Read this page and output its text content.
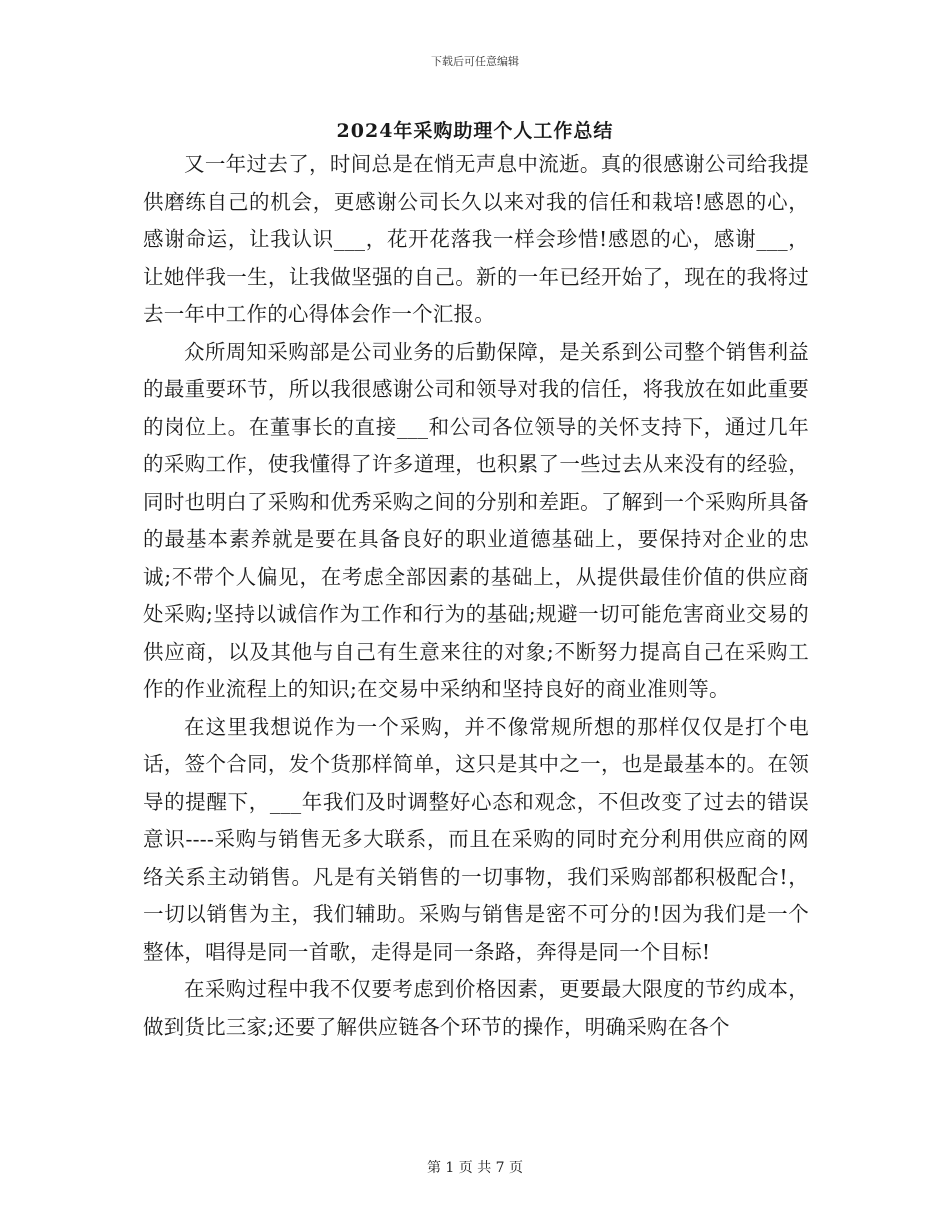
下载后可任意编辑
2024年采购助理个人工作总结

又一年过去了，时间总是在悄无声息中流逝。真的很感谢公司给我提供磨练自己的机会，更感谢公司长久以来对我的信任和栽培!感恩的心，感谢命运，让我认识___，花开花落我一样会珍惜!感恩的心，感谢___，让她伴我一生，让我做坚强的自己。新的一年已经开始了，现在的我将过去一年中工作的心得体会作一个汇报。

众所周知采购部是公司业务的后勤保障，是关系到公司整个销售利益的最重要环节，所以我很感谢公司和领导对我的信任，将我放在如此重要的岗位上。在董事长的直接___和公司各位领导的关怀支持下，通过几年的采购工作，使我懂得了许多道理，也积累了一些过去从来没有的经验，同时也明白了采购和优秀采购之间的分别和差距。了解到一个采购所具备的最基本素养就是要在具备良好的职业道德基础上，要保持对企业的忠诚;不带个人偏见，在考虑全部因素的基础上，从提供最佳价值的供应商处采购;坚持以诚信作为工作和行为的基础;规避一切可能危害商业交易的供应商，以及其他与自己有生意来往的对象;不断努力提高自己在采购工作的作业流程上的知识;在交易中采纳和坚持良好的商业准则等。

在这里我想说作为一个采购，并不像常规所想的那样仅仅是打个电话，签个合同，发个货那样简单，这只是其中之一，也是最基本的。在领导的提醒下，___年我们及时调整好心态和观念，不但改变了过去的错误意识----采购与销售无多大联系，而且在采购的同时充分利用供应商的网络关系主动销售。凡是有关销售的一切事物，我们采购部都积极配合!，一切以销售为主，我们辅助。采购与销售是密不可分的!因为我们是一个整体，唱得是同一首歌，走得是同一条路，奔得是同一个目标!

在采购过程中我不仅要考虑到价格因素，更要最大限度的节约成本，做到货比三家;还要了解供应链各个环节的操作，明确采购在各个

第 1 页 共 7 页
